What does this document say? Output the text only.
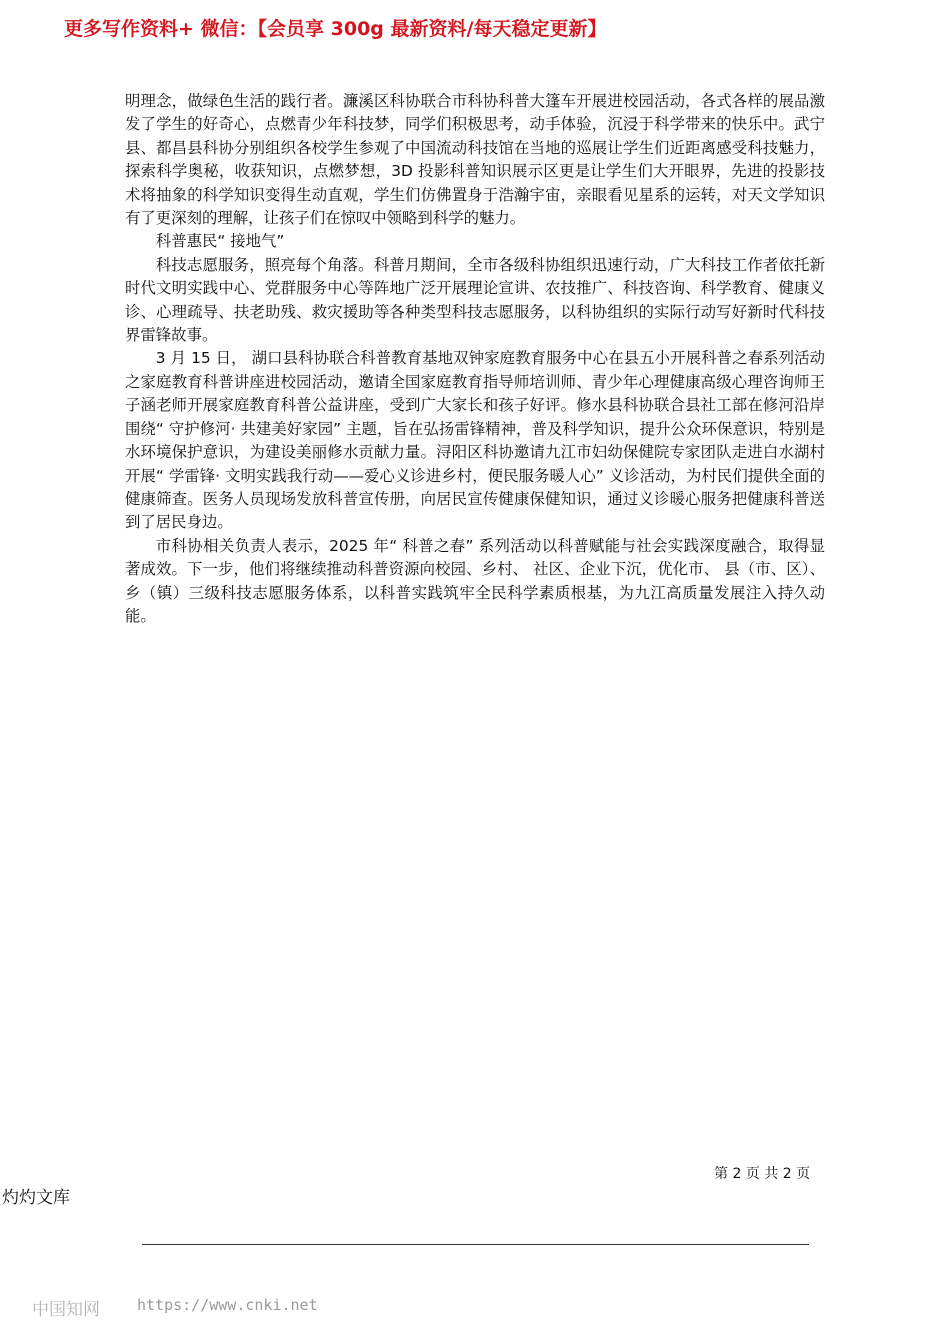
更多写作资料+ 微信：【会员享 300g 最新资料/每天稳定更新】

明理念，做绿色生活的践行者。濂溪区科协联合市科协科普大篷车开展进校园活动，各式各样的展品激发了学生的好奇心，点燃青少年科技梦，同学们积极思考，动手体验，沉浸于科学带来的快乐中。武宁县、都昌县科协分别组织各校学生参观了中国流动科技馆在当地的巡展让学生们近距离感受科技魅力，探索科学奥秘，收获知识，点燃梦想，3D 投影科普知识展示区更是让学生们大开眼界，先进的投影技术将抽象的科学知识变得生动直观，学生们仿佛置身于浩瀚宇宙，亲眼看见星系的运转，对天文学知识有了更深刻的理解，让孩子们在惊叹中领略到科学的魅力。

科普惠民“ 接地气”

科技志愿服务，照亮每个角落。科普月期间，全市各级科协组织迅速行动，广大科技工作者依托新时代文明实践中心、党群服务中心等阵地广泛开展理论宣讲、农技推广、科技咨询、科学教育、健康义诊、心理疏导、扶老助残、救灾援助等各种类型科技志愿服务，以科协组织的实际行动写好新时代科技界雷锋故事。

3 月 15 日， 湖口县科协联合科普教育基地双钟家庭教育服务中心在县五小开展科普之春系列活动之家庭教育科普讲座进校园活动，邀请全国家庭教育指导师培训师、青少年心理健康高级心理咨询师王子涵老师开展家庭教育科普公益讲座，受到广大家长和孩子好评。修水县科协联合县社工部在修河沿岸围绕“ 守护修河· 共建美好家园” 主题，旨在弘扬雷锋精神，普及科学知识，提升公众环保意识，特别是水环境保护意识，为建设美丽修水贡献力量。浔阳区科协邀请九江市妇幼保健院专家团队走进白水湖村开展“ 学雷锋· 文明实践我行动——爱心义诊进乡村，便民服务暖人心” 义诊活动，为村民们提供全面的健康筛查。医务人员现场发放科普宣传册，向居民宣传健康保健知识，通过义诊暖心服务把健康科普送到了居民身边。

市科协相关负责人表示，2025 年“ 科普之春” 系列活动以科普赋能与社会实践深度融合，取得显著成效。下一步，他们将继续推动科普资源向校园、乡村、 社区、企业下沉，优化市、 县（市、区）、乡（镇）三级科技志愿服务体系，以科普实践筑牢全民科学素质根基，为九江高质量发展注入持久动能。

第 2 页 共 2 页
灼灼文库
中国知网 https://www.cnki.net
